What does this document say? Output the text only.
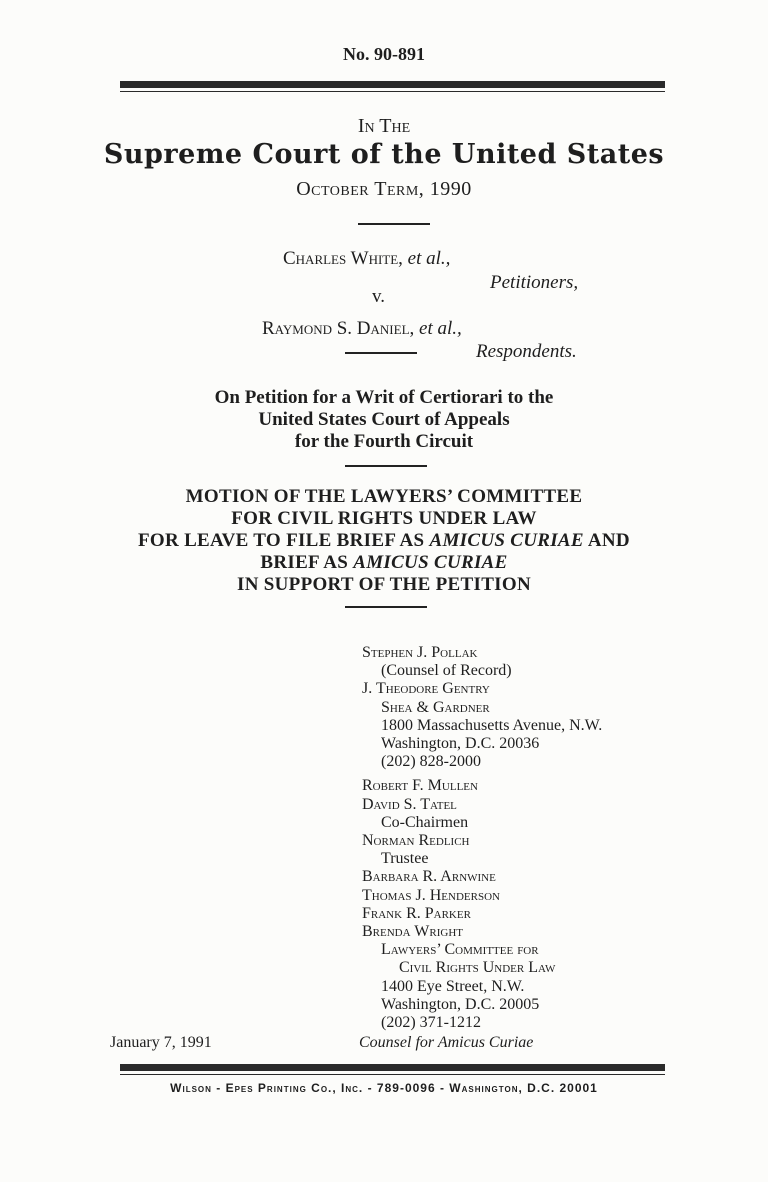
No. 90-891
In The
Supreme Court of the United States
October Term, 1990
Charles White, et al.,
Petitioners,
v.
Raymond S. Daniel, et al.,
Respondents.
On Petition for a Writ of Certiorari to the
United States Court of Appeals
for the Fourth Circuit
MOTION OF THE LAWYERS’ COMMITTEE
FOR CIVIL RIGHTS UNDER LAW
FOR LEAVE TO FILE BRIEF AS AMICUS CURIAE AND
BRIEF AS AMICUS CURIAE
IN SUPPORT OF THE PETITION
Stephen J. Pollak
(Counsel of Record)
J. Theodore Gentry
Shea & Gardner
1800 Massachusetts Avenue, N.W.
Washington, D.C. 20036
(202) 828-2000
Robert F. Mullen
David S. Tatel
Co-Chairmen
Norman Redlich
Trustee
Barbara R. Arnwine
Thomas J. Henderson
Frank R. Parker
Brenda Wright
Lawyers’ Committee for
Civil Rights Under Law
1400 Eye Street, N.W.
Washington, D.C. 20005
(202) 371-1212
January 7, 1991	Counsel for Amicus Curiae
Wilson - Epes Printing Co., Inc. - 789-0096 - Washington, D.C. 20001
